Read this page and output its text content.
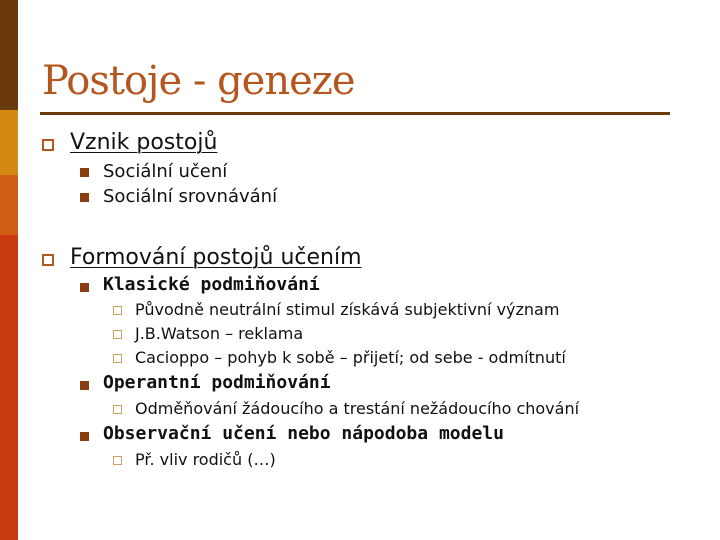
Postoje - geneze
Vznik postojů
Sociální učení
Sociální srovnávání
Formování postojů učením
Klasické podmiňování
Původně neutrální stimul získává subjektivní význam
J.B.Watson – reklama
Cacioppo – pohyb k sobě – přijetí; od sebe - odmítnutí
Operantní podmiňování
Odměňování žádoucího a trestání nežádoucího chování
Observační učení nebo nápodoba modelu
Př. vliv rodičů (…)
